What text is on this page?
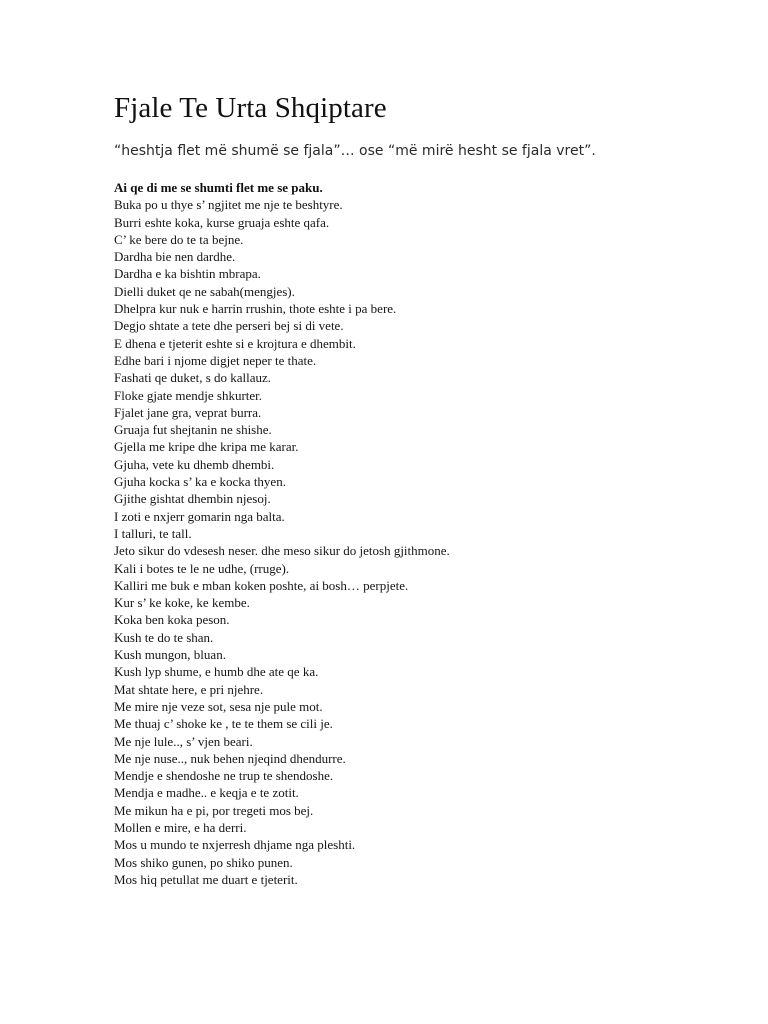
Fjale Te Urta Shqiptare

“heshtja flet më shumë se fjala”… ose “më mirë hesht se fjala vret”.

Ai qe di me se shumti flet me se paku.

Buka po u thye s’ ngjitet me nje te beshtyre.
Burri eshte koka, kurse gruaja eshte qafa.
C’ ke bere do te ta bejne.
Dardha bie nen dardhe.
Dardha e ka bishtin mbrapa.
Dielli duket qe ne sabah(mengjes).
Dhelpra kur nuk e harrin rrushin, thote eshte i pa bere.
Degjo shtate a tete dhe perseri bej si di vete.
E dhena e tjeterit eshte si e krojtura e dhembit.
Edhe bari i njome digjet neper te thate.
Fashati qe duket, s do kallauz.
Floke gjate mendje shkurter.
Fjalet jane gra, veprat burra.
Gruaja fut shejtanin ne shishe.
Gjella me kripe dhe kripa me karar.
Gjuha, vete ku dhemb dhembi.
Gjuha kocka s’ ka e kocka thyen.
Gjithe gishtat dhembin njesoj.
I zoti e nxjerr gomarin nga balta.
I talluri, te tall.
Jeto sikur do vdesesh neser. dhe meso sikur do jetosh gjithmone.
Kali i botes te le ne udhe, (rruge).
Kalliri me buk e mban koken poshte, ai bosh… perpjete.
Kur s’ ke koke, ke kembe.
Koka ben koka peson.
Kush te do te shan.
Kush mungon, bluan.
Kush lyp shume, e humb dhe ate qe ka.
Mat shtate here, e pri njehre.
Me mire nje veze sot, sesa nje pule mot.
Me thuaj c’ shoke ke , te te them se cili je.
Me nje lule.., s’ vjen beari.
Me nje nuse.., nuk behen njeqind dhendurre.
Mendje e shendoshe ne trup te shendoshe.
Mendja e madhe.. e keqja e te zotit.
Me mikun ha e pi, por tregeti mos bej.
Mollen e mire, e ha derri.
Mos u mundo te nxjerresh dhjame nga pleshti.
Mos shiko gunen, po shiko punen.
Mos hiq petullat me duart e tjeterit.
